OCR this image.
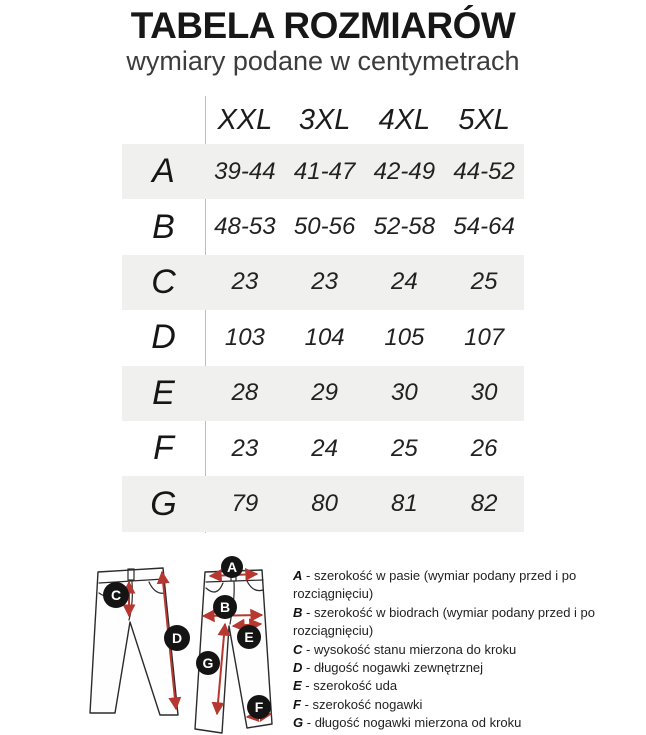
TABELA ROZMIARÓW
wymiary podane w centymetrach
XXL 3XL 4XL 5XL
A	39-44 41-47 42-49 44-52
B	48-53 50-56 52-58 54-64
C	23	23	24	25
D	103	104	105	107
E	28	29	30	30
F	23	24	25	26
G	79	80	81	82
C
D
A
B
E
G
F
A - szerokość w pasie (wymiar podany przed i po rozciągnięciu)
B - szerokość w biodrach (wymiar podany przed i po rozciągnięciu)
C - wysokość stanu mierzona do kroku
D - długość nogawki zewnętrznej
E - szerokość uda
F - szerokość nogawki
G - długość nogawki mierzona od kroku
